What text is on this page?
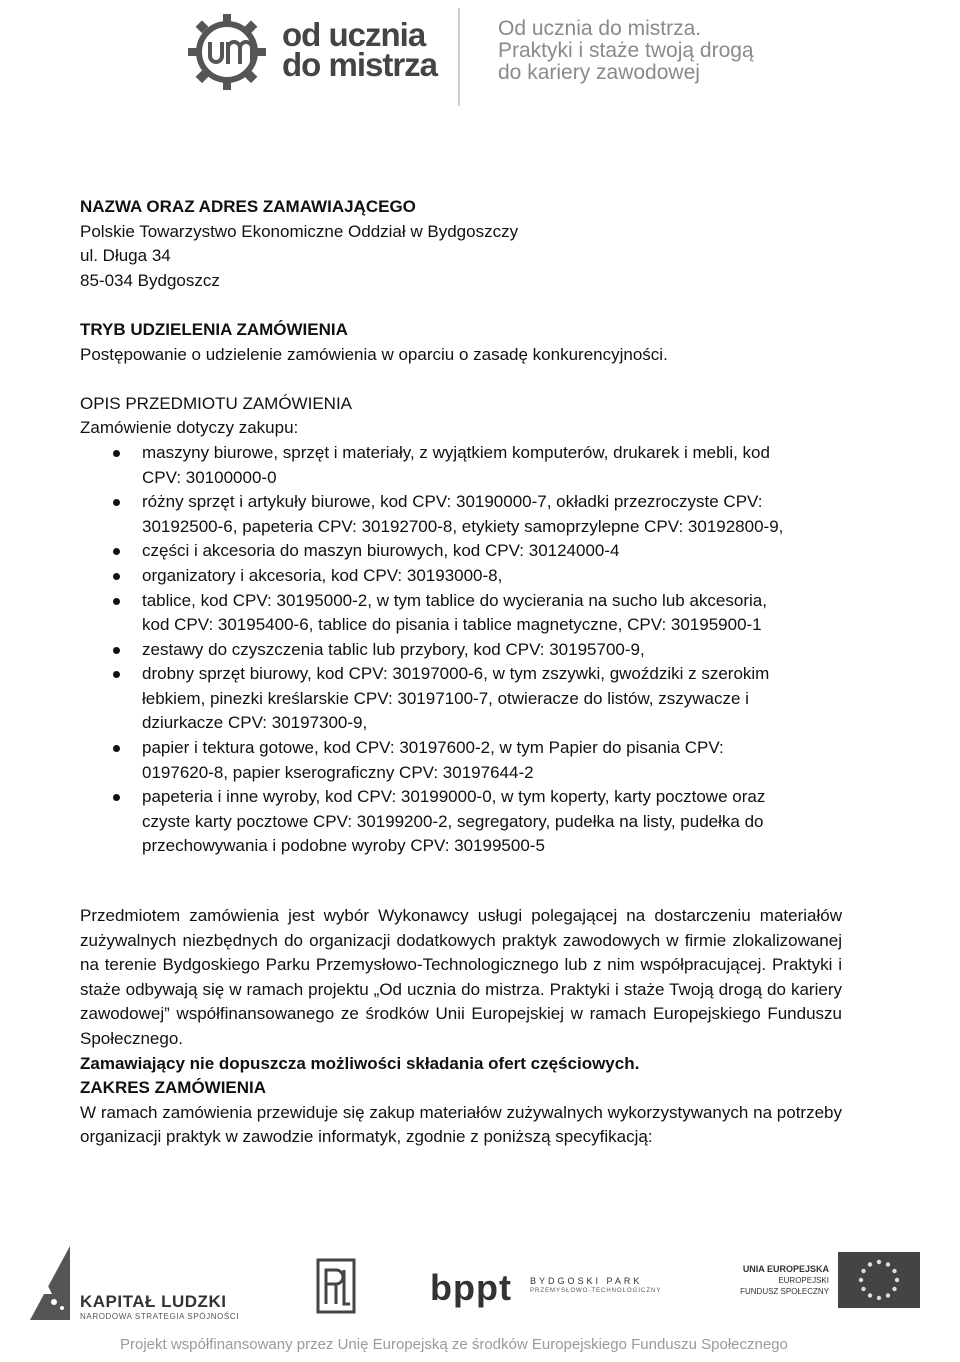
od ucznia
do mistrza
Od ucznia do mistrza.
Praktyki i staże twoją drogą
do kariery zawodowej

NAZWA ORAZ ADRES ZAMAWIAJĄCEGO

Polskie Towarzystwo Ekonomiczne Oddział w Bydgoszczy

ul. Długa 34

85-034 Bydgoszcz

TRYB UDZIELENIA ZAMÓWIENIA

Postępowanie o udzielenie zamówienia w oparciu o zasadę konkurencyjności.

OPIS PRZEDMIOTU ZAMÓWIENIA

Zamówienie dotyczy zakupu:

maszyny biurowe, sprzęt i materiały, z wyjątkiem komputerów, drukarek i mebli, kod
CPV: 30100000-0
różny sprzęt i artykuły biurowe, kod CPV: 30190000-7, okładki przezroczyste CPV:
30192500-6, papeteria CPV: 30192700-8, etykiety samoprzylepne CPV: 30192800-9,
części i akcesoria do maszyn biurowych, kod CPV: 30124000-4
organizatory i akcesoria, kod CPV: 30193000-8,
tablice, kod CPV: 30195000-2, w tym tablice do wycierania na sucho lub akcesoria,
kod CPV: 30195400-6, tablice do pisania i tablice magnetyczne, CPV: 30195900-1
zestawy do czyszczenia tablic lub przybory, kod CPV: 30195700-9,
drobny sprzęt biurowy, kod CPV: 30197000-6, w tym zszywki, gwoździki z szerokim
łebkiem, pinezki kreślarskie CPV: 30197100-7, otwieracze do listów, zszywacze i
dziurkacze CPV: 30197300-9,
papier i tektura gotowe, kod CPV: 30197600-2, w tym Papier do pisania CPV:
0197620-8, papier kserograficzny CPV: 30197644-2
papeteria i inne wyroby, kod CPV: 30199000-0, w tym koperty, karty pocztowe oraz
czyste karty pocztowe CPV: 30199200-2, segregatory, pudełka na listy, pudełka do
przechowywania i podobne wyroby CPV: 30199500-5

Przedmiotem zamówienia jest wybór Wykonawcy usługi polegającej na dostarczeniu materiałów zużywalnych niezbędnych do organizacji dodatkowych praktyk zawodowych w firmie zlokalizowanej na terenie Bydgoskiego Parku Przemysłowo-Technologicznego lub z nim współpracującej. Praktyki i staże odbywają się w ramach projektu „Od ucznia do mistrza. Praktyki i staże Twoją drogą do kariery zawodowej” współfinansowanego ze środków Unii Europejskiej w ramach Europejskiego Funduszu Społecznego.

Zamawiający nie dopuszcza możliwości składania ofert częściowych.

ZAKRES ZAMÓWIENIA

W ramach zamówienia przewiduje się zakup materiałów zużywalnych wykorzystywanych na potrzeby organizacji praktyk w zawodzie informatyk, zgodnie z poniższą specyfikacją:

KAPITAŁ LUDZKI
NARODOWA STRATEGIA SPÓJNOŚCI
bppt BYDGOSKI PARK
PRZEMYSŁOWO-TECHNOLOGICZNY
UNIA EUROPEJSKA
EUROPEJSKI
FUNDUSZ SPOŁECZNY
Projekt współfinansowany przez Unię Europejską ze środków Europejskiego Funduszu Społecznego
